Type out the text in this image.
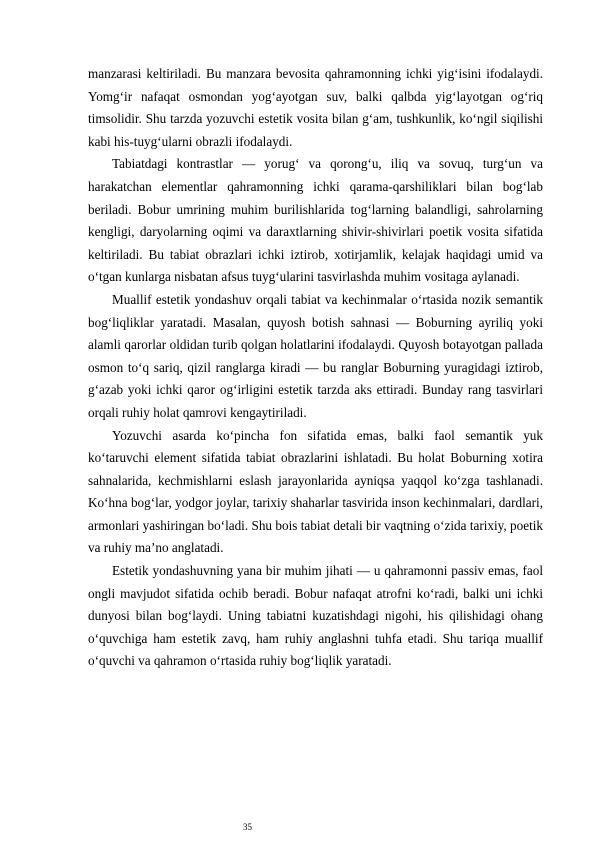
manzarasi keltiriladi. Bu manzara bevosita qahramonning ichki yig‘isini ifodalaydi. Yomg‘ir nafaqat osmondan yog‘ayotgan suv, balki qalbda yig‘layotgan og‘riq timsolidir. Shu tarzda yozuvchi estetik vosita bilan g‘am, tushkunlik, ko‘ngil siqilishi kabi his-tuyg‘ularni obrazli ifodalaydi.

Tabiatdagi kontrastlar — yorug‘ va qorong‘u, iliq va sovuq, turg‘un va harakatchan elementlar qahramonning ichki qarama-qarshiliklari bilan bog‘lab beriladi. Bobur umrining muhim burilishlarida tog‘larning balandligi, sahrolarning kengligi, daryolarning oqimi va daraxtlarning shivir-shivirlari poetik vosita sifatida keltiriladi. Bu tabiat obrazlari ichki iztirob, xotirjamlik, kelajak haqidagi umid va o‘tgan kunlarga nisbatan afsus tuyg‘ularini tasvirlashda muhim vositaga aylanadi.

Muallif estetik yondashuv orqali tabiat va kechinmalar o‘rtasida nozik semantik bog‘liqliklar yaratadi. Masalan, quyosh botish sahnasi — Boburning ayriliq yoki alamli qarorlar oldidan turib qolgan holatlarini ifodalaydi. Quyosh botayotgan pallada osmon to‘q sariq, qizil ranglarga kiradi — bu ranglar Boburning yuragidagi iztirob, g‘azab yoki ichki qaror og‘irligini estetik tarzda aks ettiradi. Bunday rang tasvirlari orqali ruhiy holat qamrovi kengaytiriladi.

Yozuvchi asarda ko‘pincha fon sifatida emas, balki faol semantik yuk ko‘taruvchi element sifatida tabiat obrazlarini ishlatadi. Bu holat Boburning xotira sahnalarida, kechmishlarni eslash jarayonlarida ayniqsa yaqqol ko‘zga tashlanadi. Ko‘hna bog‘lar, yodgor joylar, tarixiy shaharlar tasvirida inson kechinmalari, dardlari, armonlari yashiringan bo‘ladi. Shu bois tabiat detali bir vaqtning o‘zida tarixiy, poetik va ruhiy ma’no anglatadi.

Estetik yondashuvning yana bir muhim jihati — u qahramonni passiv emas, faol ongli mavjudot sifatida ochib beradi. Bobur nafaqat atrofni ko‘radi, balki uni ichki dunyosi bilan bog‘laydi. Uning tabiatni kuzatishdagi nigohi, his qilishidagi ohang o‘quvchiga ham estetik zavq, ham ruhiy anglashni tuhfa etadi. Shu tariqa muallif o‘quvchi va qahramon o‘rtasida ruhiy bog‘liqlik yaratadi.

35
